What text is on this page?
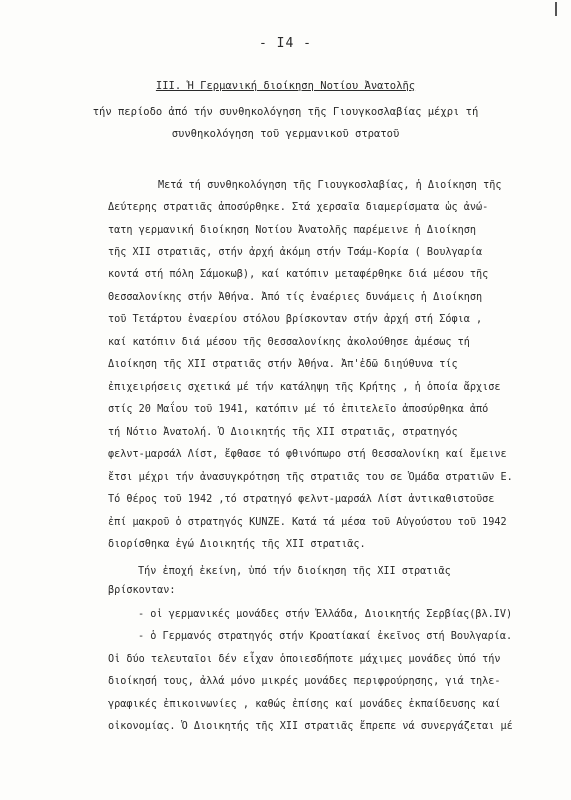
- I4 -
III. Ἡ Γερμανική διοίκηση Νοτίου Ἀνατολῆς
τήν περίοδο ἀπό τήν συνθηκολόγηση τῆς Γιουγκοσλαβίας μέχρι τή
συνθηκολόγηση τοῦ γερμανικοῦ στρατοῦ
Μετά τή συνθηκολόγηση τῆς Γιουγκοσλαβίας, ἡ Διοίκηση τῆς
Δεύτερης στρατιᾶς ἀποσύρθηκε. Στά χερσαῖα διαμερίσματα ὡς ἀνώ-
τατη γερμανική διοίκηση Νοτίου Ἀνατολῆς παρέμεινε ἡ Διοίκηση
τῆς XII στρατιᾶς, στήν ἀρχή ἀκόμη στήν Τσάμ-Κορία ( Βουλγαρία
κοντά στή πόλη Σάμοκωβ), καί κατόπιν μεταφέρθηκε διά μέσου τῆς
Θεσσαλονίκης στήν Ἀθήνα. Ἀπό τίς ἐναέριες δυνάμεις ἡ Διοίκηση
τοῦ Τετάρτου ἐναερίου στόλου βρίσκονταν στήν ἀρχή στή Σόφια ,
καί κατόπιν διά μέσου τῆς Θεσσαλονίκης ἀκολούθησε ἀμέσως τή
Διοίκηση τῆς XII στρατιᾶς στήν Ἀθήνα. Ἀπ'ἐδῶ διηύθυνα τίς
ἐπιχειρήσεις σχετικά μέ τήν κατάληψη τῆς Κρήτης , ἡ ὁποία ἄρχισε
στίς 20 Μαΐου τοῦ 1941, κατόπιν μέ τό ἐπιτελεῖο ἀποσύρθηκα ἀπό
τή Νότιο Ἀνατολή. Ὁ Διοικητής τῆς XII στρατιᾶς, στρατηγός
φελντ-μαρσάλ Λίστ, ἔφθασε τό φθινόπωρο στή Θεσσαλονίκη καί ἔμεινε
ἔτσι μέχρι τήν ἀνασυγκρότηση τῆς στρατιᾶς του σε Ὁμάδα στρατιῶν Ε.
Τό θέρος τοῦ 1942 ,τό στρατηγό φελντ-μαρσάλ Λίστ ἀντικαθιστοῦσε
ἐπί μακροῦ ὁ στρατηγός KUNZE. Κατά τά μέσα τοῦ Αὐγούστου τοῦ 1942
διορίσθηκα ἐγώ Διοικητής τῆς XII στρατιᾶς.
Τήν ἐποχή ἐκείνη, ὑπό τήν διοίκηση τῆς XII στρατιᾶς
βρίσκονταν:
- οἱ γερμανικές μονάδες στήν Ἑλλάδα, Διοικητής Σερβίας(βλ.IV)
- ὁ Γερμανός στρατηγός στήν Κροατίακαί ἐκεῖνος στή Βουλγαρία.
Οἱ δύο τελευταῖοι δέν εἶχαν ὁποιεσδήποτε μάχιμες μονάδες ὑπό τήν
διοίκησή τους, ἀλλά μόνο μικρές μονάδες περιφρούρησης, γιά τηλε-
γραφικές ἐπικοινωνίες , καθώς ἐπίσης καί μονάδες ἐκπαίδευσης καί
οἰκονομίας. Ὁ Διοικητής τῆς XII στρατιᾶς ἔπρεπε νά συνεργάζεται μέ
